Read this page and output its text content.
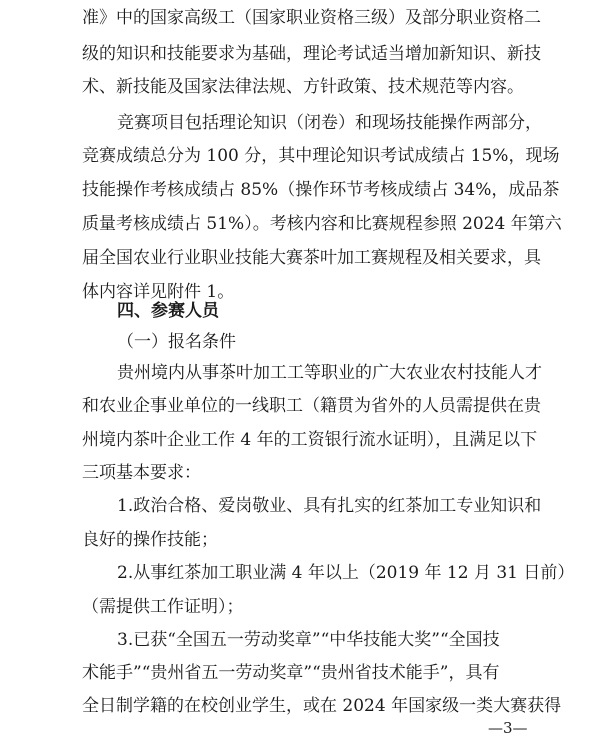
准》中的国家高级工（国家职业资格三级）及部分职业资格二
级的知识和技能要求为基础，理论考试适当增加新知识、新技
术、新技能及国家法律法规、方针政策、技术规范等内容。
竞赛项目包括理论知识（闭卷）和现场技能操作两部分，
竞赛成绩总分为 100 分，其中理论知识考试成绩占 15%，现场
技能操作考核成绩占 85%（操作环节考核成绩占 34%，成品茶
质量考核成绩占 51%）。考核内容和比赛规程参照 2024 年第六
届全国农业行业职业技能大赛茶叶加工赛规程及相关要求，具
体内容详见附件 1。
四、参赛人员
（一）报名条件
贵州境内从事茶叶加工工等职业的广大农业农村技能人才
和农业企事业单位的一线职工（籍贯为省外的人员需提供在贵
州境内茶叶企业工作 4 年的工资银行流水证明），且满足以下
三项基本要求：
1.政治合格、爱岗敬业、具有扎实的红茶加工专业知识和
良好的操作技能；
2.从事红茶加工职业满 4 年以上（2019 年 12 月 31 日前）
（需提供工作证明）；
3.已获“全国五一劳动奖章”“中华技能大奖”“全国技
术能手”“贵州省五一劳动奖章”“贵州省技术能手”，具有
全日制学籍的在校创业学生，或在 2024 年国家级一类大赛获得
—3—
